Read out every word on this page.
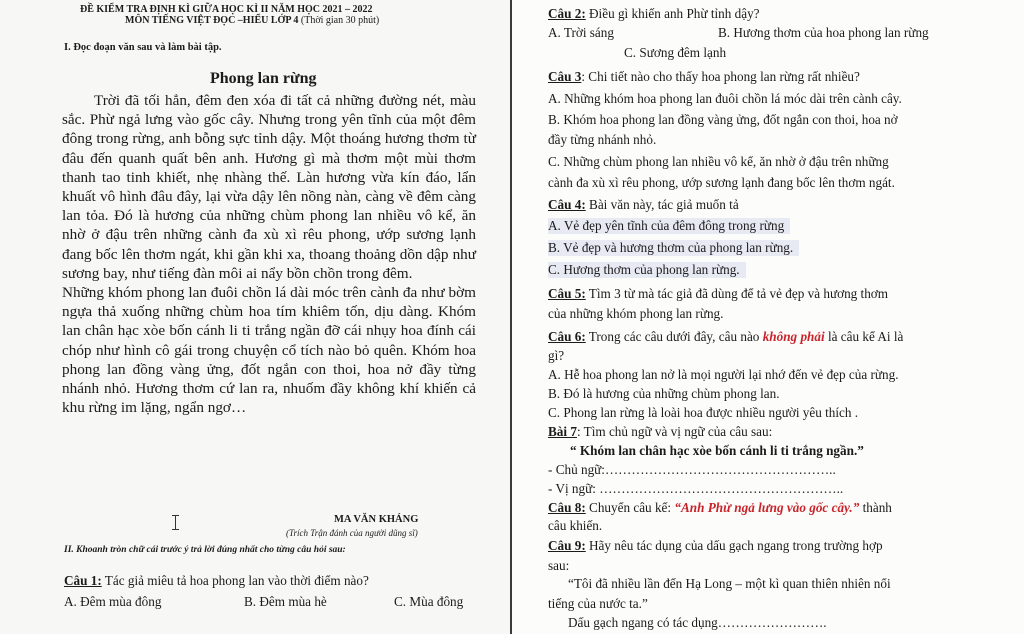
ĐỀ KIỂM TRA ĐỊNH KÌ GIỮA HỌC KÌ II NĂM HỌC 2021 – 2022
MÔN TIẾNG VIỆT ĐỌC –HIỂU LỚP 4 (Thời gian 30 phút)
I. Đọc đoạn văn sau và làm bài tập.
Phong lan rừng

Trời đã tối hẳn, đêm đen xóa đi tất cả những đường nét, màu sắc. Phừ ngả lưng vào gốc cây. Nhưng trong yên tĩnh của một đêm đông trong rừng, anh bỗng sực tỉnh dậy. Một thoáng hương thơm từ đâu đến quanh quất bên anh. Hương gì mà thơm một mùi thơm thanh tao tinh khiết, nhẹ nhàng thế. Làn hương vừa kín đáo, lẩn khuất vô hình đâu đây, lại vừa dậy lên nồng nàn, càng về đêm càng lan tỏa. Đó là hương của những chùm phong lan nhiều vô kể, ăn nhờ ở đậu trên những cành đa xù xì rêu phong, ướp sương lạnh đang bốc lên thơm ngát, khi gần khi xa, thoang thoảng dồn dập như sương bay, như tiếng đàn môi ai nẩy bồn chồn trong đêm.

Những khóm phong lan đuôi chồn lá dài móc trên cành đa như bờm ngựa thả xuống những chùm hoa tím khiêm tốn, dịu dàng. Khóm lan chân hạc xòe bốn cánh li ti trắng ngần đỡ cái nhụy hoa đính cái chóp như hình cô gái trong chuyện cổ tích nào bỏ quên. Khóm hoa phong lan đồng vàng ửng, đốt ngắn con thoi, hoa nở đầy từng nhánh nhỏ. Hương thơm cứ lan ra, nhuốm đầy không khí khiến cả khu rừng im lặng, ngẩn ngơ…

MA VĂN KHÁNG
(Trích Trận đánh của người dũng sĩ)
II. Khoanh tròn chữ cái trước ý trả lời đúng nhất cho từng câu hỏi sau:
Câu 1: Tác giả miêu tả hoa phong lan vào thời điểm nào?
A. Đêm mùa đông	B. Đêm mùa hè	C. Mùa đông
Câu 2: Điều gì khiến anh Phừ tỉnh dậy?
A. Trời sáng	B. Hương thơm của hoa phong lan rừng
C. Sương đêm lạnh
Câu 3: Chi tiết nào cho thấy hoa phong lan rừng rất nhiều?
A. Những khóm hoa phong lan đuôi chồn lá móc dài trên cành cây.
B. Khóm hoa phong lan đồng vàng ửng, đốt ngắn con thoi, hoa nở
đầy từng nhánh nhỏ.
C. Những chùm phong lan nhiều vô kể, ăn nhờ ở đậu trên những
cành đa xù xì rêu phong, ướp sương lạnh đang bốc lên thơm ngát.
Câu 4: Bài văn này, tác giả muốn tả
A. Vẻ đẹp yên tĩnh của đêm đông trong rừng
B. Vẻ đẹp và hương thơm của phong lan rừng.
C. Hương thơm của phong lan rừng.
Câu 5: Tìm 3 từ mà tác giả đã dùng để tả vẻ đẹp và hương thơm
của những khóm phong lan rừng.
Câu 6: Trong các câu dưới đây, câu nào không phải là câu kể Ai là
gì?
A. Hễ hoa phong lan nở là mọi người lại nhớ đến vẻ đẹp của rừng.
B. Đó là hương của những chùm phong lan.
C. Phong lan rừng là loài hoa được nhiều người yêu thích .
Bài 7: Tìm chủ ngữ và vị ngữ của câu sau:
“ Khóm lan chân hạc xòe bốn cánh li ti trắng ngần.”
- Chủ ngữ:……………………………………………..
- Vị ngữ: ………………………………………………..
Câu 8: Chuyển câu kể: “Anh Phừ ngả lưng vào gốc cây.” thành
câu khiến.
Câu 9: Hãy nêu tác dụng của dấu gạch ngang trong trường hợp
sau:
“Tôi đã nhiều lần đến Hạ Long – một kì quan thiên nhiên nổi
tiếng của nước ta.”
Dấu gạch ngang có tác dụng…………………….
